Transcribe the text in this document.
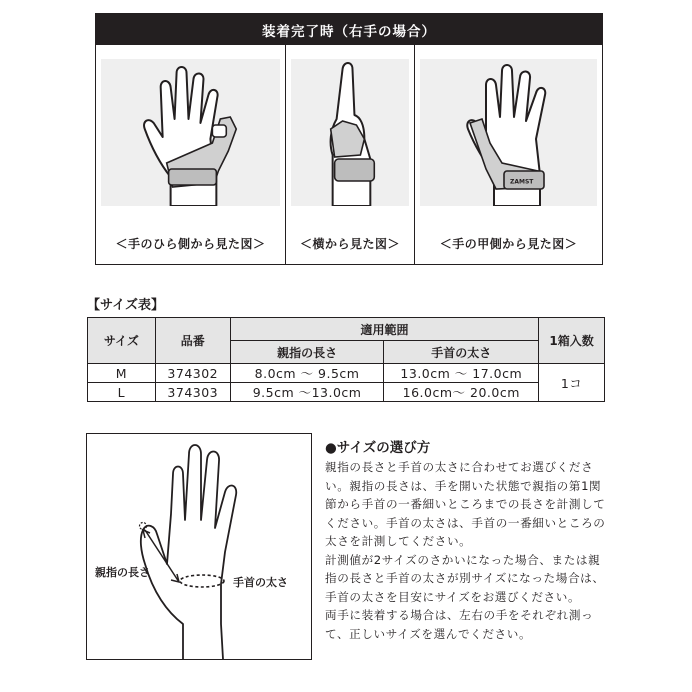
装着完了時（右手の場合）
＜手のひら側から見た図＞	＜横から見た図＞
ZAMST
＜手の甲側から見た図＞
【サイズ表】
サイズ	品番	適用範囲		1箱入数
		親指の長さ	手首の太さ	
M	374302	8.0cm 〜 9.5cm	13.0cm 〜 17.0cm	1コ
L	374303	9.5cm 〜13.0cm	16.0cm〜 20.0cm	
親指の長さ
手首の太さ
●サイズの選び方

親指の長さと手首の太さに合わせてお選びください。親指の長さは、手を開いた状態で親指の第1関節から手首の一番細いところまでの長さを計測してください。手首の太さは、手首の一番細いところの太さを計測してください。

計測値が2サイズのさかいになった場合、または親指の長さと手首の太さが別サイズになった場合は、手首の太さを目安にサイズをお選びください。

両手に装着する場合は、左右の手をそれぞれ測って、正しいサイズを選んでください。
